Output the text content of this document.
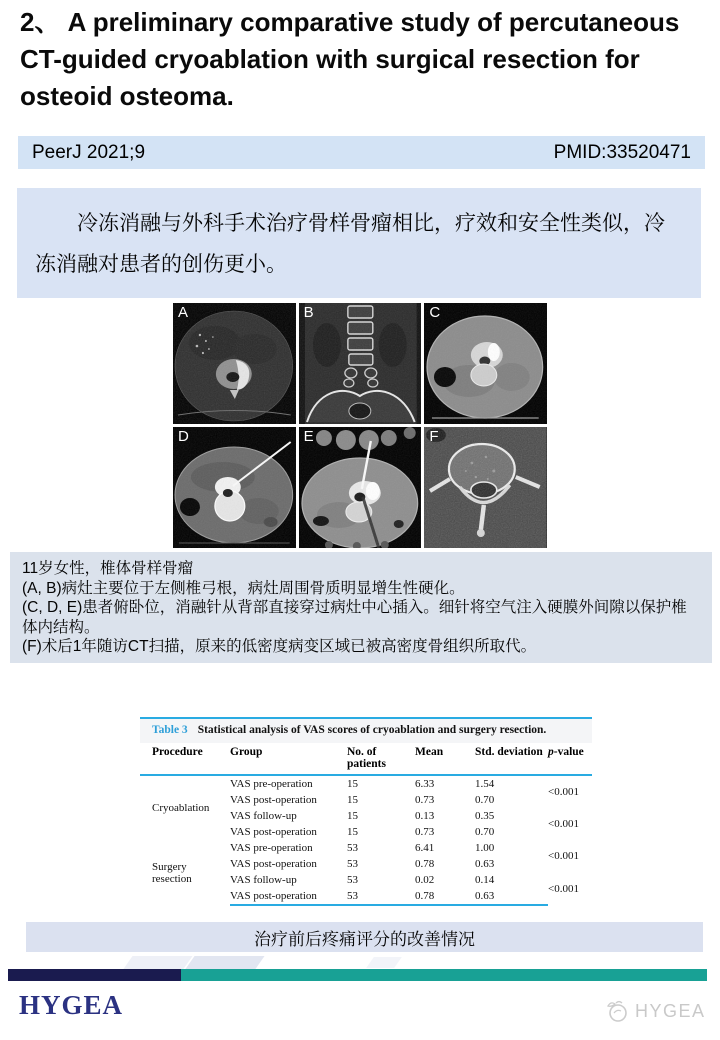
2、 A preliminary comparative study of percutaneous CT-guided cryoablation with surgical resection for osteoid osteoma.
PeerJ 2021;9	PMID:33520471

冷冻消融与外科手术治疗骨样骨瘤相比，疗效和安全性类似，冷冻消融对患者的创伤更小。

A	B	C
D	E	F

11岁女性，椎体骨样骨瘤

(A, B)病灶主要位于左侧椎弓根，病灶周围骨质明显增生性硬化。

(C, D, E)患者俯卧位，消融针从背部直接穿过病灶中心插入。细针将空气注入硬膜外间隙以保护椎体内结构。

(F)术后1年随访CT扫描，原来的低密度病变区域已被高密度骨组织所取代。

Table 3 Statistical analysis of VAS scores of cryoablation and surgery resection.
Procedure	Group	No. of patients	Mean	Std. deviation	p-value
Cryoablation	VAS pre-operation	15	6.33	1.54	<0.001
	VAS post-operation	15	0.73	0.70	
	VAS follow-up	15	0.13	0.35	<0.001
	VAS post-operation	15	0.73	0.70	
Surgery resection	VAS pre-operation	53	6.41	1.00	<0.001
	VAS post-operation	53	0.78	0.63	
	VAS follow-up	53	0.02	0.14	<0.001
	VAS post-operation	53	0.78	0.63	
治疗前后疼痛评分的改善情况
HYGEA	HYGEA
